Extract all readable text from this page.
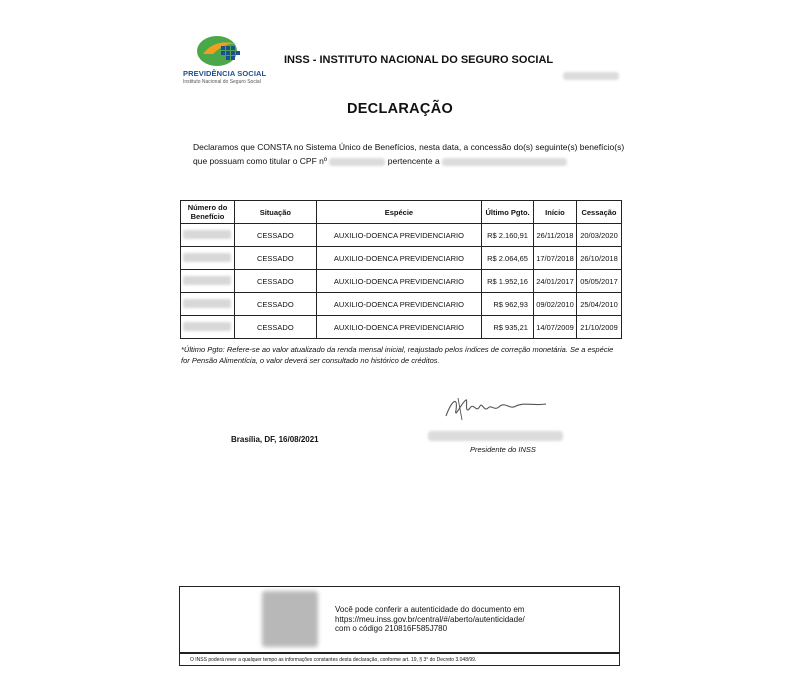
PREVIDÊNCIA SOCIAL
Instituto Nacional do Seguro Social
INSS - INSTITUTO NACIONAL DO SEGURO SOCIAL
DECLARAÇÃO
Declaramos que CONSTA no Sistema Único de Benefícios, nesta data, a concessão do(s) seguinte(s) benefício(s)
que possuam como titular o CPF nº	pertencente a
Número do Benefício	Situação	Espécie	Último Pgto.	Início	Cessação
	CESSADO	AUXILIO-DOENCA PREVIDENCIARIO	R$ 2.160,91	26/11/2018	20/03/2020
	CESSADO	AUXILIO-DOENCA PREVIDENCIARIO	R$ 2.064,65	17/07/2018	26/10/2018
	CESSADO	AUXILIO-DOENCA PREVIDENCIARIO	R$ 1.952,16	24/01/2017	05/05/2017
	CESSADO	AUXILIO-DOENCA PREVIDENCIARIO	R$ 962,93	09/02/2010	25/04/2010
	CESSADO	AUXILIO-DOENCA PREVIDENCIARIO	R$ 935,21	14/07/2009	21/10/2009
*Último Pgto: Refere-se ao valor atualizado da renda mensal inicial, reajustado pelos índices de correção monetária. Se a espécie for Pensão Alimentícia, o valor deverá ser consultado no histórico de créditos.
Brasília, DF, 16/08/2021
Presidente do INSS
Você pode conferir a autenticidade do documento em
https://meu.inss.gov.br/central/#/aberto/autenticidade/
com o código 210816F585J780
O INSS poderá rever a qualquer tempo as informações constantes desta declaração, conforme art. 19, § 3° do Decreto 3.048/99.
